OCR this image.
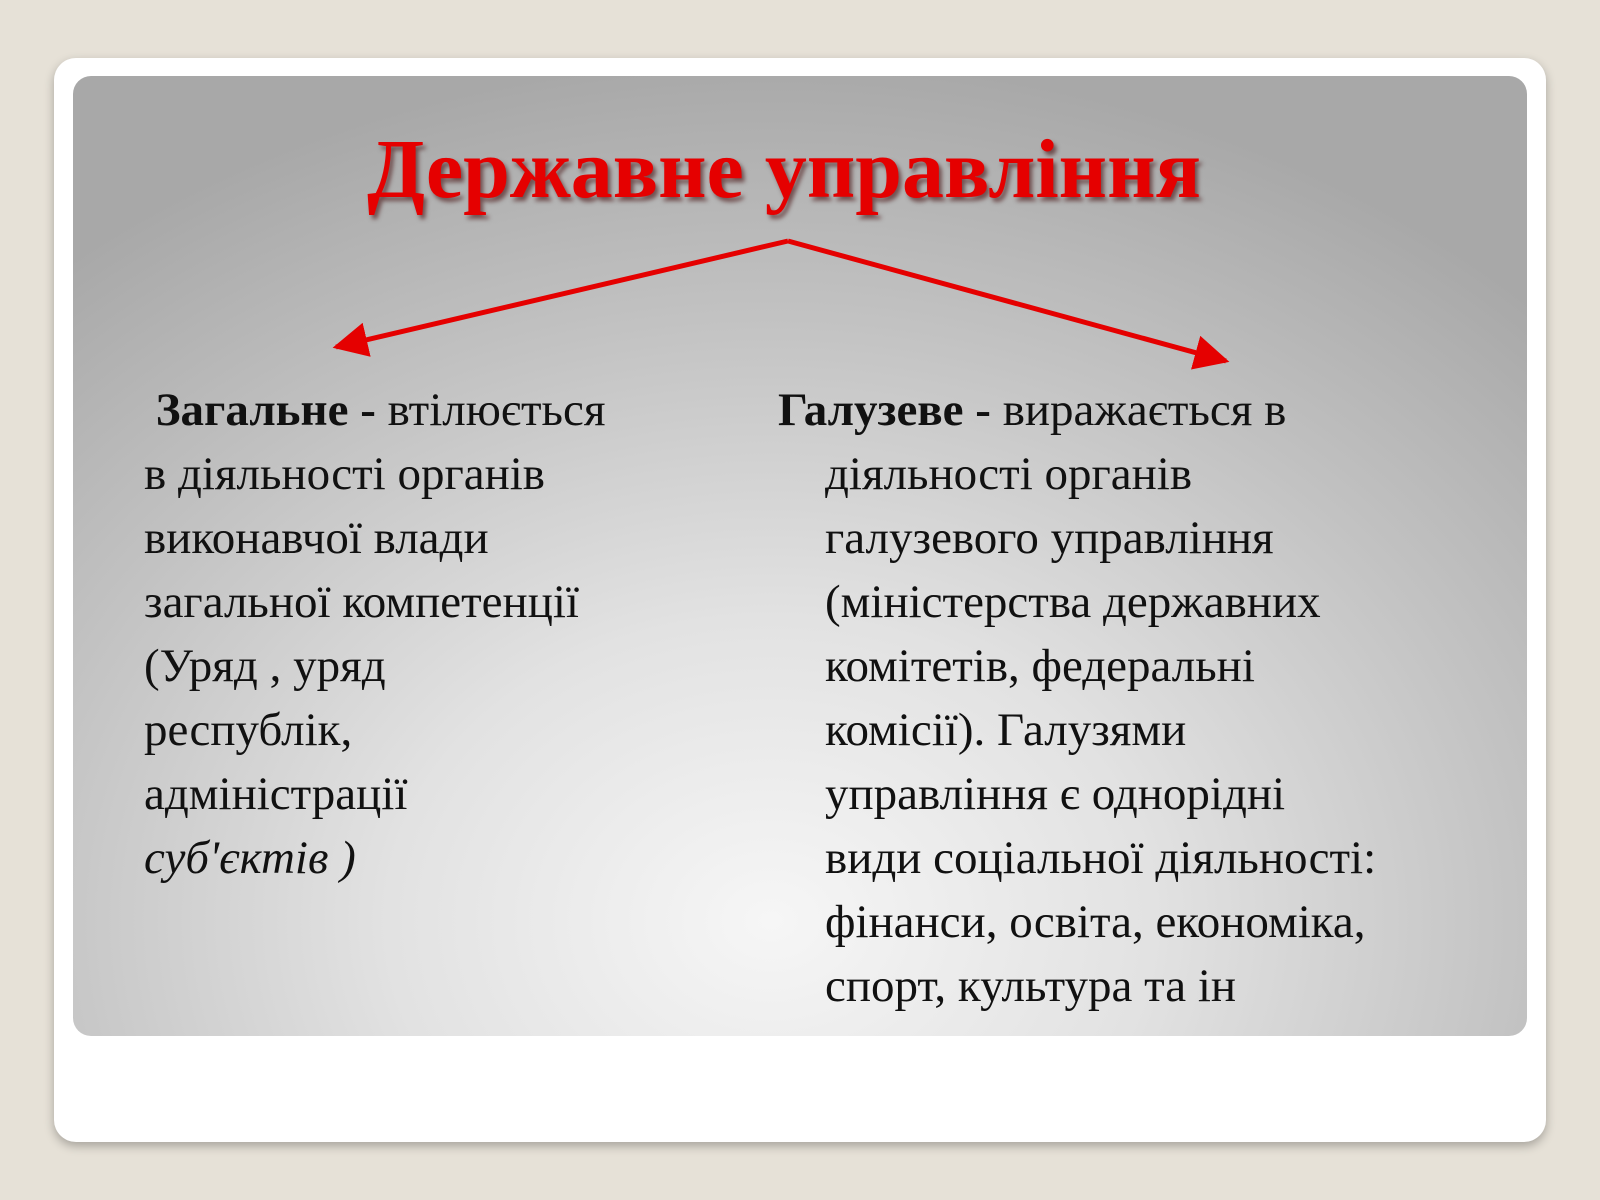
Державне управління
Загальне - втілюється
в діяльності органів
виконавчої влади
загальної компетенції
(Уряд , уряд
республік,
адміністрації
суб'єктів )
Галузеве - виражається в
діяльності органів
галузевого управління
(міністерства державних
комітетів, федеральні
комісії). Галузями
управління є однорідні
види соціальної діяльності:
фінанси, освіта, економіка,
спорт, культура та ін
